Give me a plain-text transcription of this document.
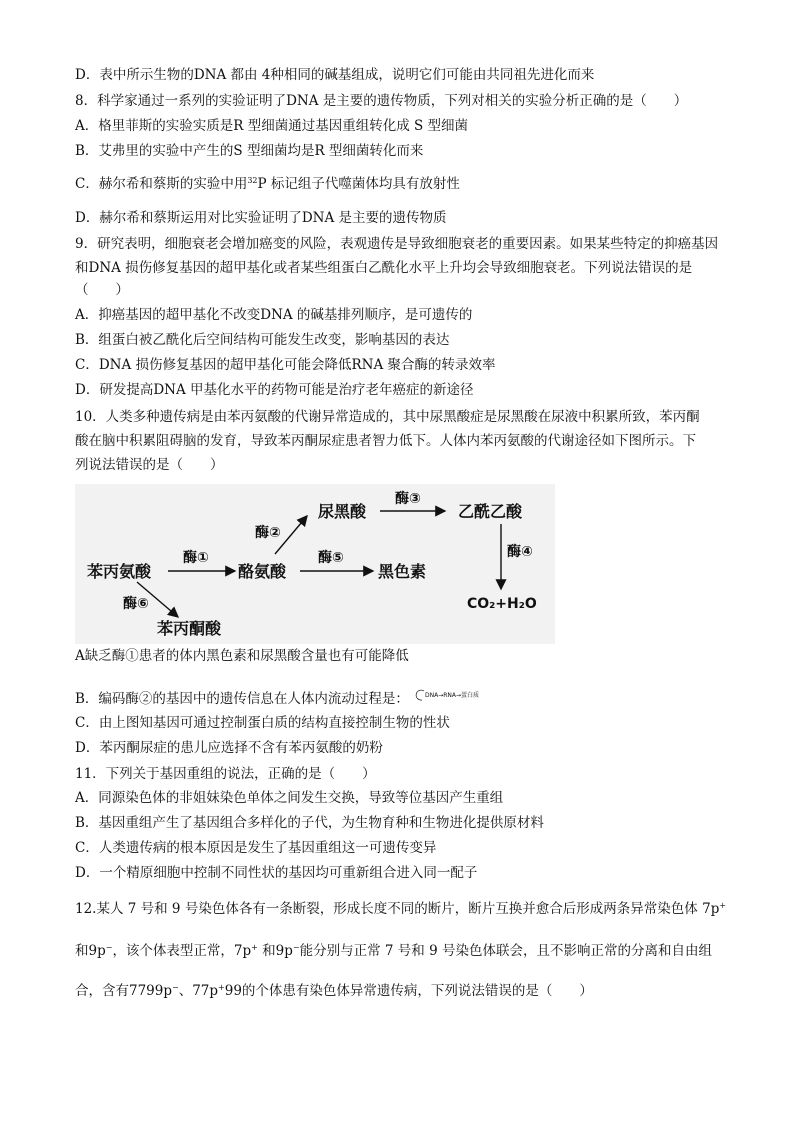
D．表中所示生物的DNA 都由 4种相同的碱基组成，说明它们可能由共同祖先进化而来
8．科学家通过一系列的实验证明了DNA 是主要的遗传物质，下列对相关的实验分析正确的是（　　）
A．格里菲斯的实验实质是R 型细菌通过基因重组转化成 S 型细菌
B．艾弗里的实验中产生的S 型细菌均是R 型细菌转化而来
C．赫尔希和蔡斯的实验中用$^{32}$P 标记组子代噬菌体均具有放射性
D．赫尔希和蔡斯运用对比实验证明了DNA 是主要的遗传物质
9．研究表明，细胞衰老会增加癌变的风险，表观遗传是导致细胞衰老的重要因素。如果某些特定的抑癌基因
和DNA 损伤修复基因的超甲基化或者某些组蛋白乙酰化水平上升均会导致细胞衰老。下列说法错误的是
（　　）
A．抑癌基因的超甲基化不改变DNA 的碱基排列顺序，是可遗传的
B．组蛋白被乙酰化后空间结构可能发生改变，影响基因的表达
C．DNA 损伤修复基因的超甲基化可能会降低RNA 聚合酶的转录效率
D．研发提高DNA 甲基化水平的药物可能是治疗老年癌症的新途径
10．人类多种遗传病是由苯丙氨酸的代谢异常造成的，其中尿黑酸症是尿黑酸在尿液中积累所致，苯丙酮
酸在脑中积累阻碍脑的发育，导致苯丙酮尿症患者智力低下。人体内苯丙氨酸的代谢途径如下图所示。下
列说法错误的是（　　）
苯丙氨酸	酪氨酸
尿黑酸	乙酰乙酸
黑色素
苯丙酮酸
CO₂+H₂O
酶①
酶②
酶③
酶④
酶⑤
酶⑥
A缺乏酶①患者的体内黑色素和尿黑酸含量也有可能降低
B．编码酶②的基因中的遗传信息在人体内流动过程是：	DNA→RNA→蛋白质
C．由上图知基因可通过控制蛋白质的结构直接控制生物的性状
D．苯丙酮尿症的患儿应选择不含有苯丙氨酸的奶粉
11．下列关于基因重组的说法，正确的是（　　）
A．同源染色体的非姐妹染色单体之间发生交换，导致等位基因产生重组
B．基因重组产生了基因组合多样化的子代，为生物育种和生物进化提供原材料
C．人类遗传病的根本原因是发生了基因重组这一可遗传变异
D．一个精原细胞中控制不同性状的基因均可重新组合进入同一配子
12.某人 7 号和 9 号染色体各有一条断裂，形成长度不同的断片，断片互换并愈合后形成两条异常染色体 7p+
和9p−，该个体表型正常，7p+ 和9p−能分别与正常 7 号和 9 号染色体联会，且不影响正常的分离和自由组
合，含有7799p−、77p+99的个体患有染色体异常遗传病，下列说法错误的是（　　）
